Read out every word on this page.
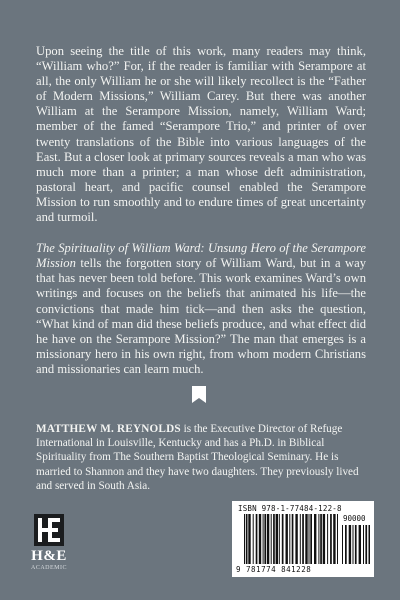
Upon seeing the title of this work, many readers may think, “William who?” For, if the reader is familiar with Serampore at all, the only William he or she will likely recollect is the “Father of Modern Missions,” William Carey. But there was another William at the Serampore Mission, namely, William Ward; member of the famed “Serampore Trio,” and printer of over twenty translations of the Bible into various languages of the East. But a closer look at primary sources reveals a man who was much more than a printer; a man whose deft administration, pastoral heart, and pacific counsel enabled the Serampore Mission to run smoothly and to endure times of great uncertainty and turmoil.

The Spirituality of William Ward: Unsung Hero of the Serampore Mission tells the forgotten story of William Ward, but in a way that has never been told before. This work examines Ward’s own writings and focuses on the beliefs that animated his life—the convictions that made him tick—and then asks the question, “What kind of man did these beliefs produce, and what effect did he have on the Serampore Mission?” The man that emerges is a missionary hero in his own right, from whom modern Christians and missionaries can learn much.

MATTHEW M. REYNOLDS is the Executive Director of Refuge International in Louisville, Kentucky and has a Ph.D. in Biblical Spirituality from The Southern Baptist Theological Seminary. He is married to Shannon and they have two daughters. They previously lived and served in South Asia.
H&E
ACADEMIC
ISBN 978-1-77484-122-8
90000
9 781774 841228
